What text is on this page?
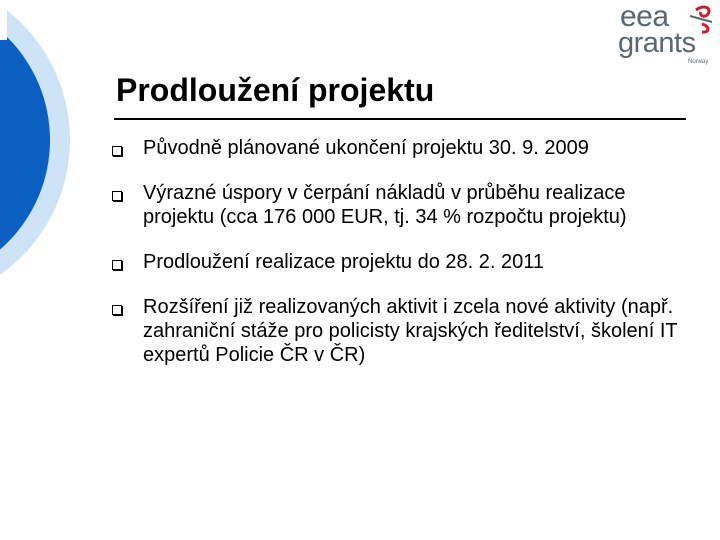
eea
grants
Norway
Prodloužení projektu
Původně plánované ukončení projektu 30. 9. 2009
Výrazné úspory v čerpání nákladů v průběhu realizace projektu (cca 176 000 EUR, tj. 34 % rozpočtu projektu)
Prodloužení realizace projektu do 28. 2. 2011
Rozšíření již realizovaných aktivit i zcela nové aktivity (např. zahraniční stáže pro policisty krajských ředitelství, školení IT expertů Policie ČR v ČR)
